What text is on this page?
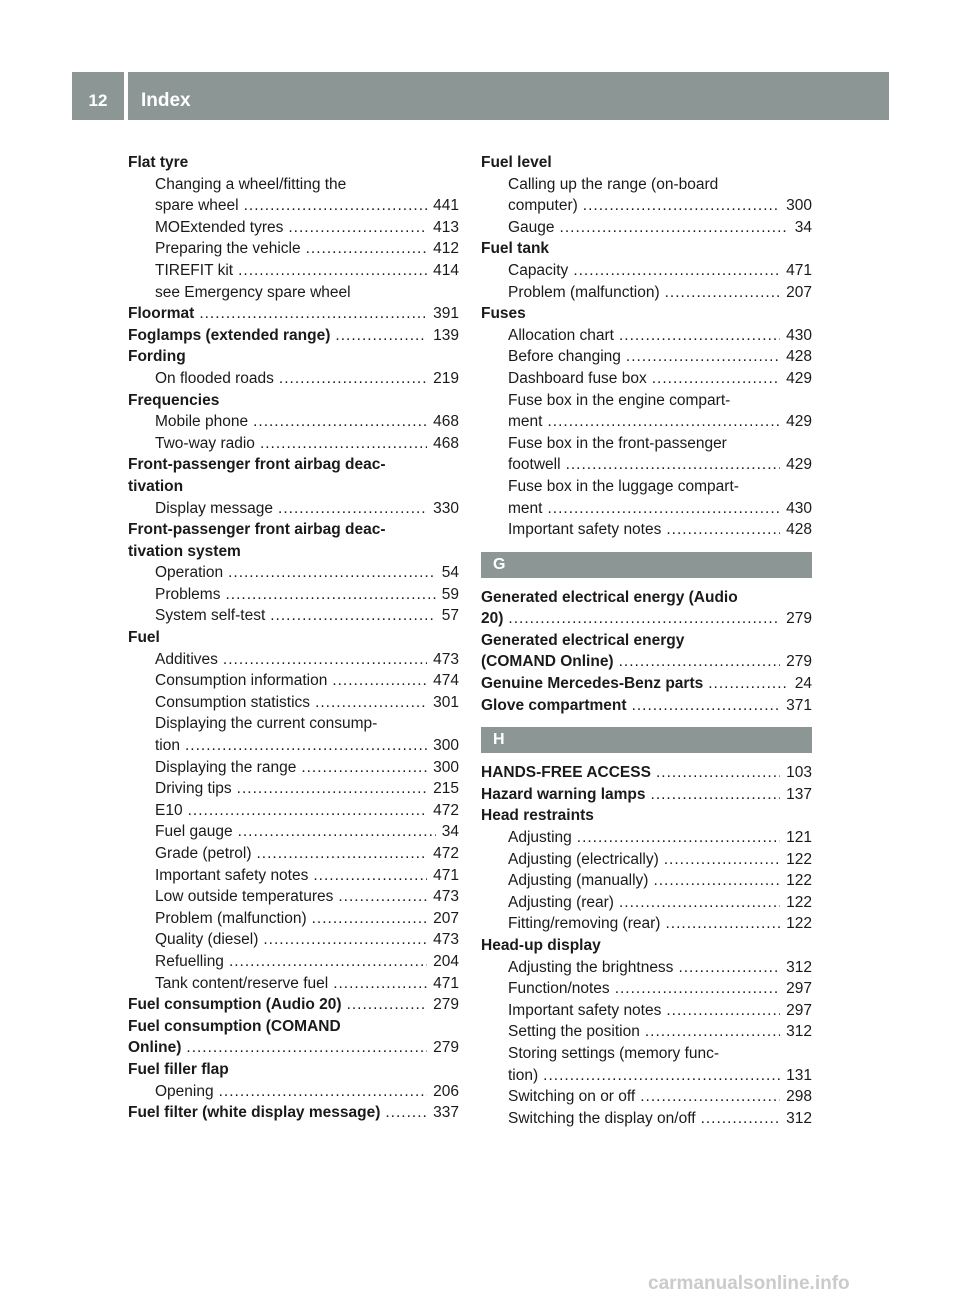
12	Index
Flat tyre
Changing a wheel/fitting the
spare wheel .....	441
MOExtended tyres .....	413
Preparing the vehicle .....	412
TIREFIT kit .....	414
see Emergency spare wheel
Floormat .....	391
Foglamps (extended range) .....	139
Fording
On flooded roads .....	219
Frequencies
Mobile phone .....	468
Two-way radio .....	468
Front-passenger front airbag deac-
tivation
Display message .....	330
Front-passenger front airbag deac-
tivation system
Operation .....	54
Problems .....	59
System self-test .....	57
Fuel
Additives .....	473
Consumption information .....	474
Consumption statistics .....	301
Displaying the current consump-
tion .....	300
Displaying the range .....	300
Driving tips .....	215
E10 .....	472
Fuel gauge .....	34
Grade (petrol) .....	472
Important safety notes .....	471
Low outside temperatures .....	473
Problem (malfunction) .....	207
Quality (diesel) .....	473
Refuelling .....	204
Tank content/reserve fuel .....	471
Fuel consumption (Audio 20) .....	279
Fuel consumption (COMAND
Online) .....	279
Fuel filler flap
Opening .....	206
Fuel filter (white display message) .....	337
Fuel level
Calling up the range (on-board
computer) .....	300
Gauge .....	34
Fuel tank
Capacity .....	471
Problem (malfunction) .....	207
Fuses
Allocation chart .....	430
Before changing .....	428
Dashboard fuse box .....	429
Fuse box in the engine compart-
ment .....	429
Fuse box in the front-passenger
footwell .....	429
Fuse box in the luggage compart-
ment .....	430
Important safety notes .....	428
G
Generated electrical energy (Audio
20) .....	279
Generated electrical energy
(COMAND Online) .....	279
Genuine Mercedes-Benz parts .....	24
Glove compartment .....	371
H
HANDS-FREE ACCESS .....	103
Hazard warning lamps .....	137
Head restraints
Adjusting .....	121
Adjusting (electrically) .....	122
Adjusting (manually) .....	122
Adjusting (rear) .....	122
Fitting/removing (rear) .....	122
Head-up display
Adjusting the brightness .....	312
Function/notes .....	297
Important safety notes .....	297
Setting the position .....	312
Storing settings (memory func-
tion) .....	131
Switching on or off .....	298
Switching the display on/off .....	312
carmanualsonline.info
